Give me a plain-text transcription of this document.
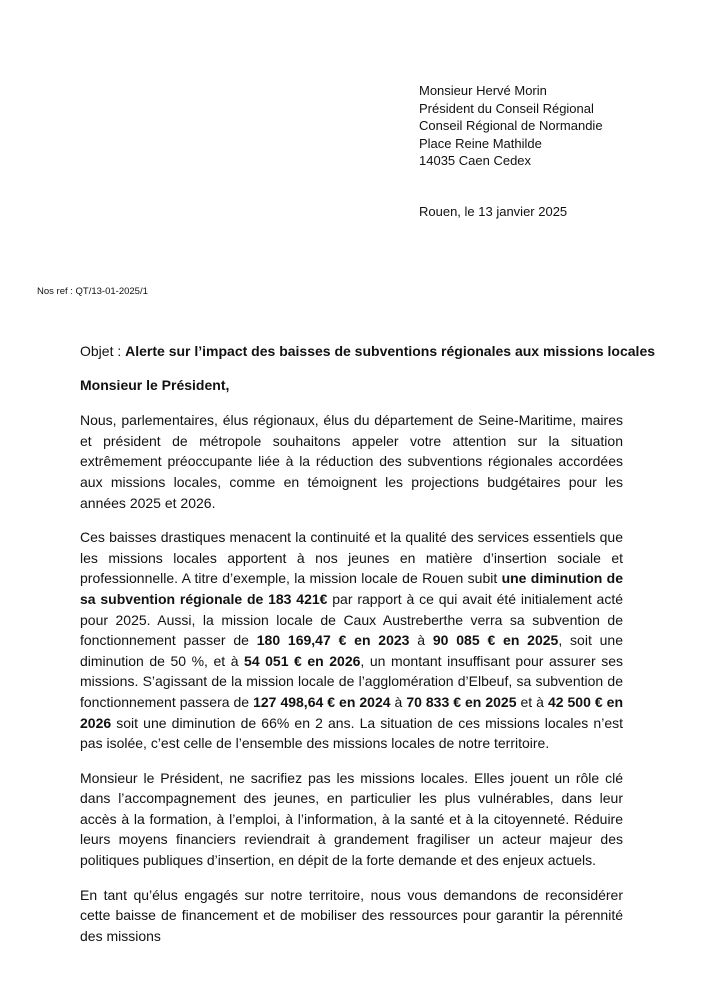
Monsieur Hervé Morin
Président du Conseil Régional
Conseil Régional de Normandie
Place Reine Mathilde
14035 Caen Cedex
Rouen, le 13 janvier 2025
Nos ref : QT/13-01-2025/1

Objet : Alerte sur l’impact des baisses de subventions régionales aux missions locales

Monsieur le Président,

Nous, parlementaires, élus régionaux, élus du département de Seine-Maritime, maires et président de métropole souhaitons appeler votre attention sur la situation extrêmement préoccupante liée à la réduction des subventions régionales accordées aux missions locales, comme en témoignent les projections budgétaires pour les années 2025 et 2026.

Ces baisses drastiques menacent la continuité et la qualité des services essentiels que les missions locales apportent à nos jeunes en matière d’insertion sociale et professionnelle. A titre d’exemple, la mission locale de Rouen subit une diminution de sa subvention régionale de 183 421€ par rapport à ce qui avait été initialement acté pour 2025. Aussi, la mission locale de Caux Austreberthe verra sa subvention de fonctionnement passer de 180 169,47 € en 2023 à 90 085 € en 2025, soit une diminution de 50 %, et à 54 051 € en 2026, un montant insuffisant pour assurer ses missions. S’agissant de la mission locale de l’agglomération d’Elbeuf, sa subvention de fonctionnement passera de 127 498,64 € en 2024 à 70 833 € en 2025 et à 42 500 € en 2026 soit une diminution de 66% en 2 ans. La situation de ces missions locales n’est pas isolée, c’est celle de l’ensemble des missions locales de notre territoire.

Monsieur le Président, ne sacrifiez pas les missions locales. Elles jouent un rôle clé dans l’accompagnement des jeunes, en particulier les plus vulnérables, dans leur accès à la formation, à l’emploi, à l’information, à la santé et à la citoyenneté. Réduire leurs moyens financiers reviendrait à grandement fragiliser un acteur majeur des politiques publiques d’insertion, en dépit de la forte demande et des enjeux actuels.

En tant qu’élus engagés sur notre territoire, nous vous demandons de reconsidérer cette baisse de financement et de mobiliser des ressources pour garantir la pérennité des missions
